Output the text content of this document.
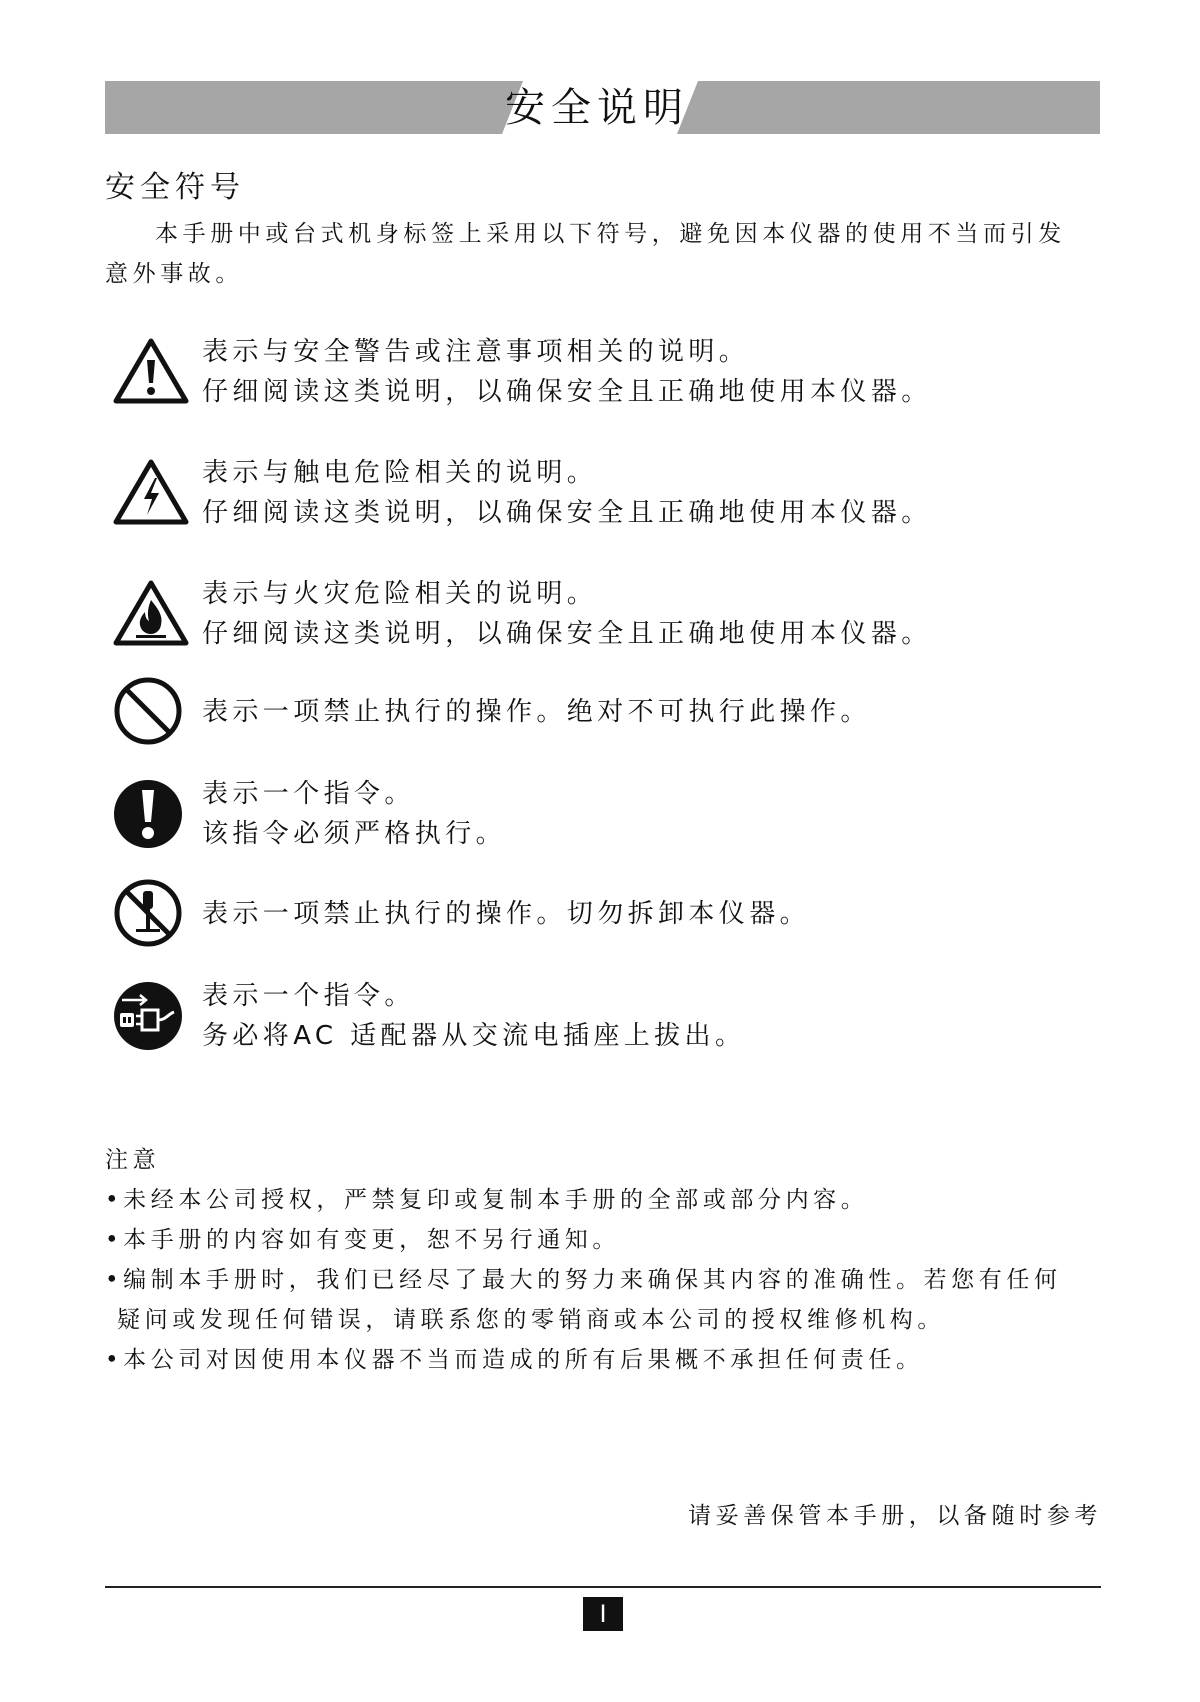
安全说明
安全符号
本手册中或台式机身标签上采用以下符号，避免因本仪器的使用不当而引发
意外事故。
表示与安全警告或注意事项相关的说明。
仔细阅读这类说明，以确保安全且正确地使用本仪器。
表示与触电危险相关的说明。
仔细阅读这类说明，以确保安全且正确地使用本仪器。
表示与火灾危险相关的说明。
仔细阅读这类说明，以确保安全且正确地使用本仪器。
表示一项禁止执行的操作。绝对不可执行此操作。
表示一个指令。
该指令必须严格执行。
表示一项禁止执行的操作。切勿拆卸本仪器。
表示一个指令。
务必将AC 适配器从交流电插座上拔出。
注意
•未经本公司授权，严禁复印或复制本手册的全部或部分内容。
•本手册的内容如有变更，恕不另行通知。
•编制本手册时，我们已经尽了最大的努力来确保其内容的准确性。若您有任何
疑问或发现任何错误，请联系您的零销商或本公司的授权维修机构。
•本公司对因使用本仪器不当而造成的所有后果概不承担任何责任。
请妥善保管本手册，以备随时参考
I
